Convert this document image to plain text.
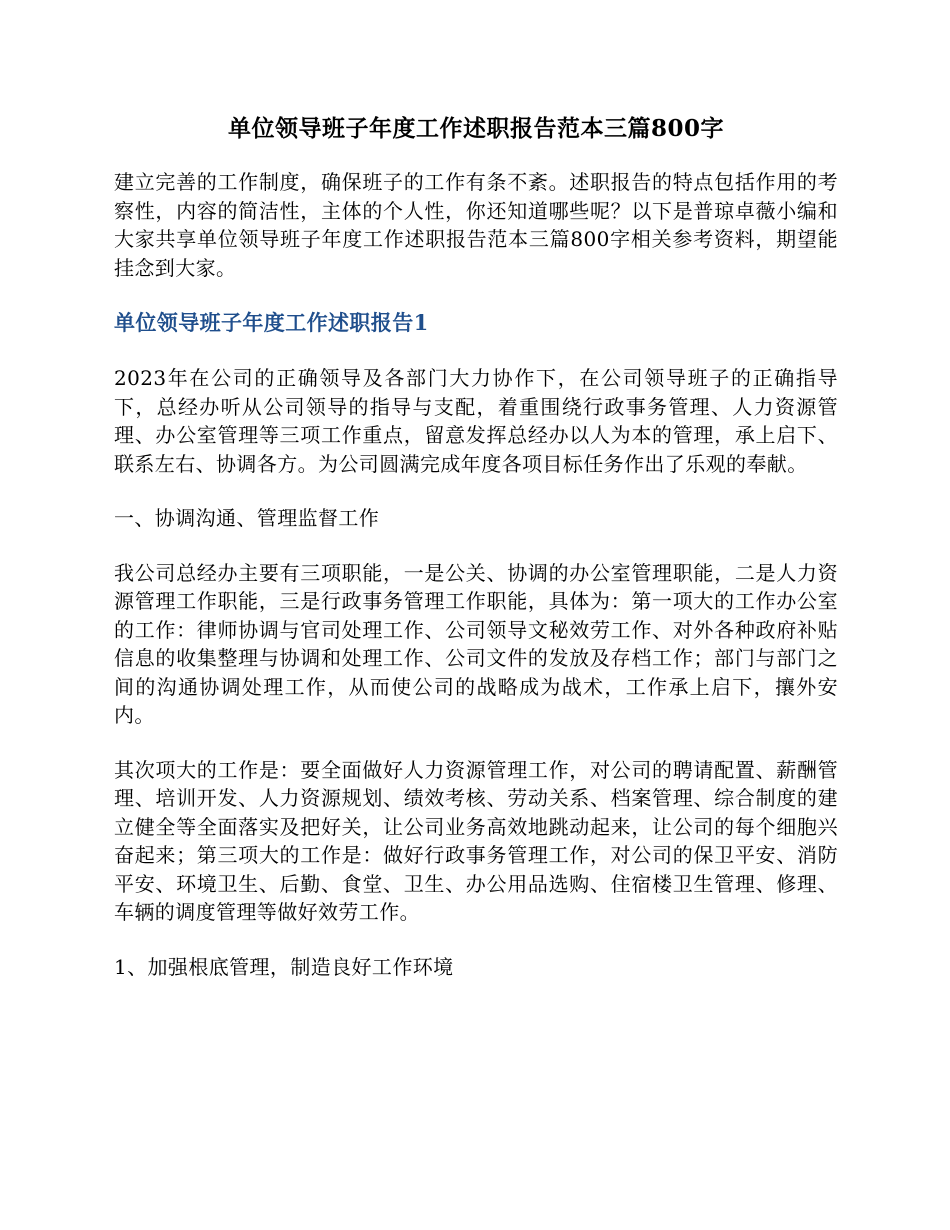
单位领导班子年度工作述职报告范本三篇800字

建立完善的工作制度，确保班子的工作有条不紊。述职报告的特点包括作用的考察性，内容的简洁性，主体的个人性，你还知道哪些呢？以下是普琼卓薇小编和大家共享单位领导班子年度工作述职报告范本三篇800字相关参考资料，期望能挂念到大家。

单位领导班子年度工作述职报告1

2023年在公司的正确领导及各部门大力协作下，在公司领导班子的正确指导下，总经办听从公司领导的指导与支配，着重围绕行政事务管理、人力资源管理、办公室管理等三项工作重点，留意发挥总经办以人为本的管理，承上启下、联系左右、协调各方。为公司圆满完成年度各项目标任务作出了乐观的奉献。

一、协调沟通、管理监督工作

我公司总经办主要有三项职能，一是公关、协调的办公室管理职能，二是人力资源管理工作职能，三是行政事务管理工作职能，具体为：第一项大的工作办公室的工作：律师协调与官司处理工作、公司领导文秘效劳工作、对外各种政府补贴信息的收集整理与协调和处理工作、公司文件的发放及存档工作；部门与部门之间的沟通协调处理工作，从而使公司的战略成为战术，工作承上启下，攘外安内。

其次项大的工作是：要全面做好人力资源管理工作，对公司的聘请配置、薪酬管理、培训开发、人力资源规划、绩效考核、劳动关系、档案管理、综合制度的建立健全等全面落实及把好关，让公司业务高效地跳动起来，让公司的每个细胞兴奋起来；第三项大的工作是：做好行政事务管理工作，对公司的保卫平安、消防平安、环境卫生、后勤、食堂、卫生、办公用品选购、住宿楼卫生管理、修理、车辆的调度管理等做好效劳工作。

1、加强根底管理，制造良好工作环境
